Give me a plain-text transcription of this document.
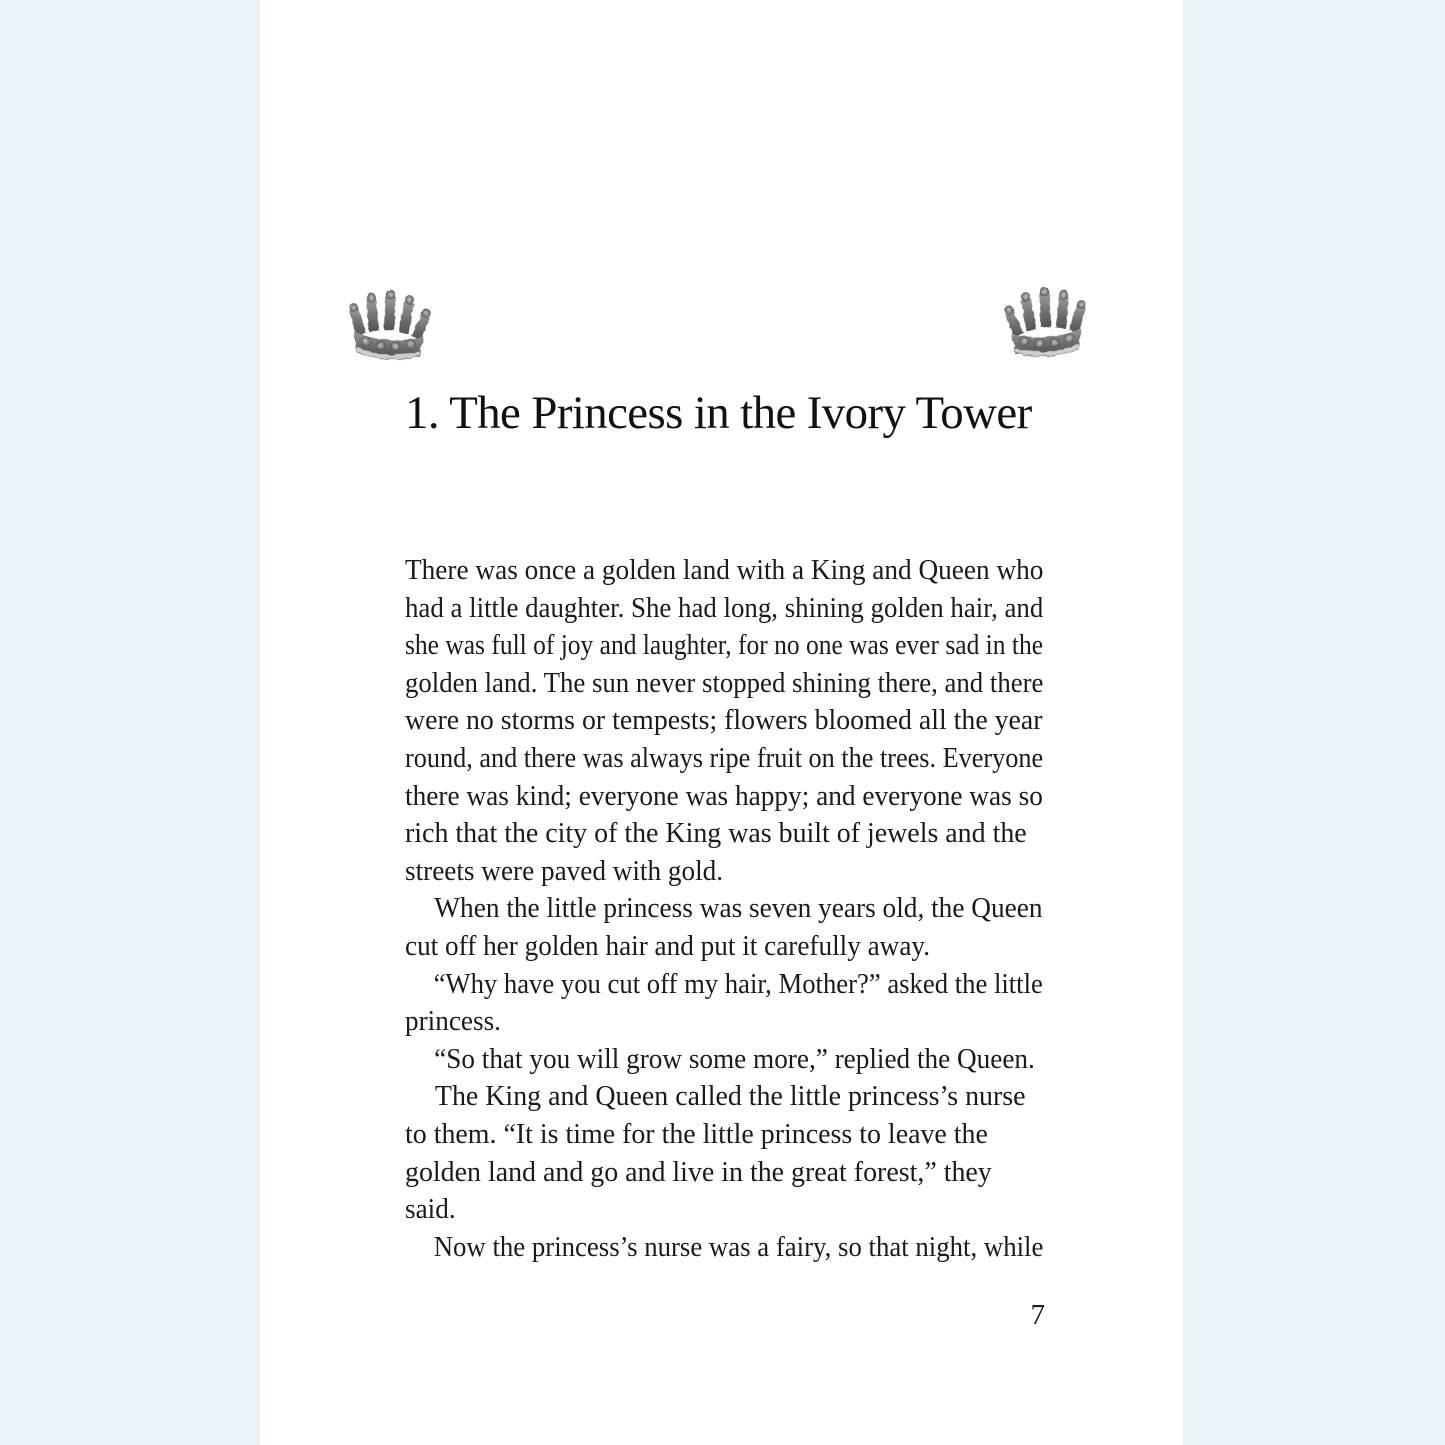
1. The Princess in the Ivory Tower
There was once a golden land with a King and Queen who
had a little daughter. She had long, shining golden hair, and
she was full of joy and laughter, for no one was ever sad in the
golden land. The sun never stopped shining there, and there
were no storms or tempests; flowers bloomed all the year
round, and there was always ripe fruit on the trees. Everyone
there was kind; everyone was happy; and everyone was so
rich that the city of the King was built of jewels and the
streets were paved with gold.
When the little princess was seven years old, the Queen
cut off her golden hair and put it carefully away.
“Why have you cut off my hair, Mother?” asked the little
princess.
“So that you will grow some more,” replied the Queen.
The King and Queen called the little princess’s nurse
to them. “It is time for the little princess to leave the
golden land and go and live in the great forest,” they
said.
Now the princess’s nurse was a fairy, so that night, while
7
